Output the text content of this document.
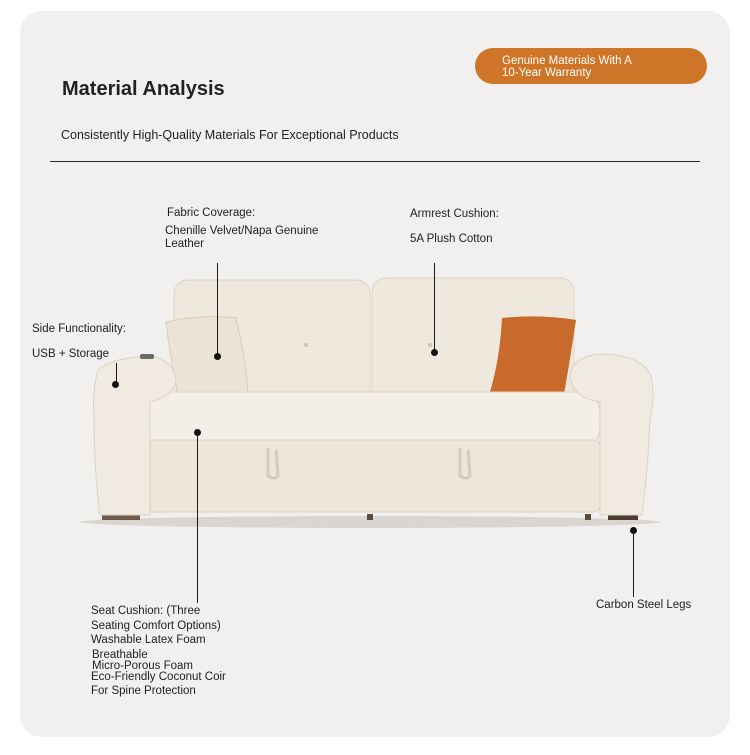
Material Analysis
Consistently High-Quality Materials For Exceptional Products
Genuine Materials With A
10-Year Warranty
Fabric Coverage:
Chenille Velvet/Napa Genuine
Leather
Armrest Cushion:
5A Plush Cotton
Side Functionality:
USB + Storage
Seat Cushion: (Three
Seating Comfort Options)
Washable Latex Foam
Breathable
Micro-Porous Foam
Eco-Friendly Coconut Coir
For Spine Protection
Carbon Steel Legs
